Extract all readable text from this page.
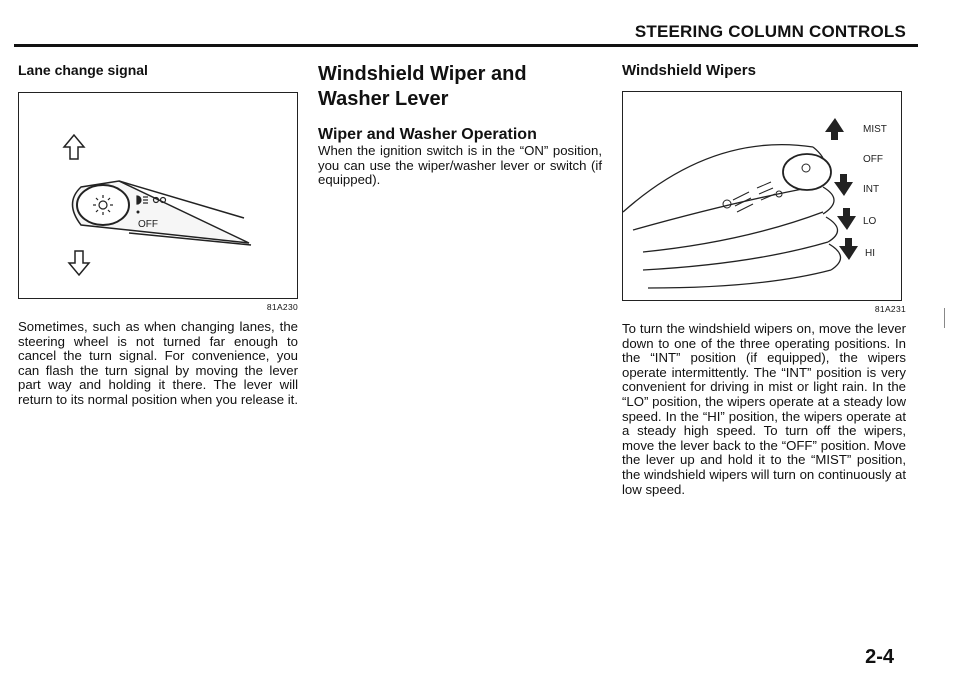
STEERING COLUMN CONTROLS
Lane change signal
OFF
81A230

Sometimes, such as when changing lanes, the steering wheel is not turned far enough to cancel the turn signal. For convenience, you can flash the turn signal by moving the lever part way and holding it there. The lever will return to its normal position when you release it.

Windshield Wiper and Washer Lever
Wiper and Washer Operation

When the ignition switch is in the “ON” position, you can use the wiper/washer lever or switch (if equipped).

Windshield Wipers
MIST
OFF
INT
LO
HI
81A231

To turn the windshield wipers on, move the lever down to one of the three operating positions. In the “INT” position (if equipped), the wipers operate intermittently. The “INT” position is very convenient for driving in mist or light rain. In the “LO” position, the wipers operate at a steady low speed. In the “HI” position, the wipers operate at a steady high speed. To turn off the wipers, move the lever back to the “OFF” position. Move the lever up and hold it to the “MIST” position, the windshield wipers will turn on continuously at low speed.

2-4
